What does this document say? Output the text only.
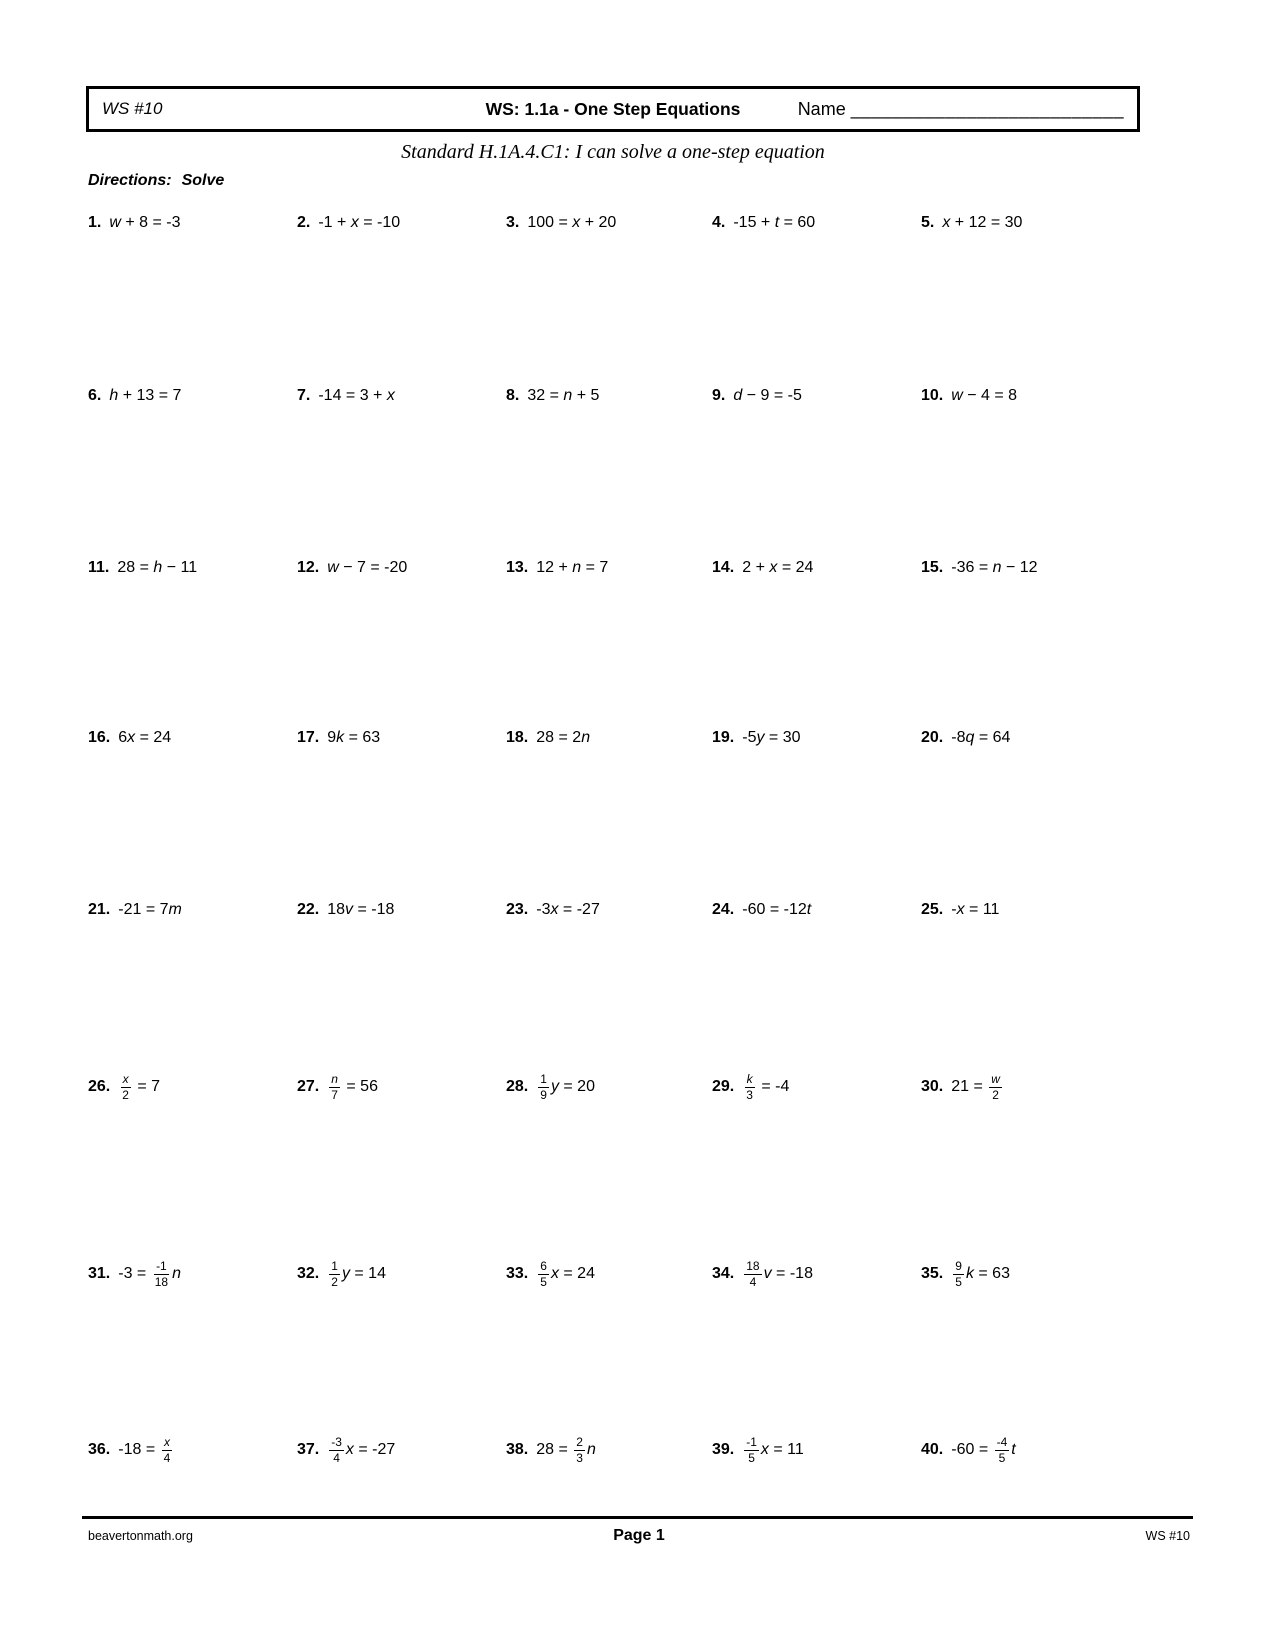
WS #10	WS: 1.1a - One Step Equations	Name __________________________
Standard H.1A.4.C1: I can solve a one-step equation
Directions: Solve
1. w + 8 = -3	2. -1 + x = -10	3. 100 = x + 20	4. -15 + t = 60	5. x + 12 = 30
6. h + 13 = 7	7. -14 = 3 + x	8. 32 = n + 5	9. d − 9 = -5	10. w − 4 = 8
11. 28 = h − 11	12. w − 7 = -20	13. 12 + n = 7	14. 2 + x = 24	15. -36 = n − 12
16. 6x = 24	17. 9k = 63	18. 28 = 2n	19. -5y = 30	20. -8q = 64
21. -21 = 7m	22. 18v = -18	23. -3x = -27	24. -60 = -12t	25. -x = 11
26. $\frac{x}{2} = 7$	27. $\frac{n}{7} = 56$	28. $\frac{1}{9}$ y = 20	29. $\frac{k}{3} = -4$	30. $21 = \frac{w}{2}$
31. $-3 = \frac{-1}{18}$ n	32. $\frac{1}{2}$ y = 14	33. $\frac{6}{5}$ x = 24	34. $\frac{18}{4}$ v = -18	35. $\frac{9}{5}$ k = 63
36. $-18 = \frac{x}{4}$	37. $\frac{-3}{4}$ x = -27	38. $28 = \frac{2}{3}$ n	39. $\frac{-1}{5}$ x = 11	40. $-60 = \frac{-4}{5}$ t
beavertonmath.org	Page 1	WS #10
